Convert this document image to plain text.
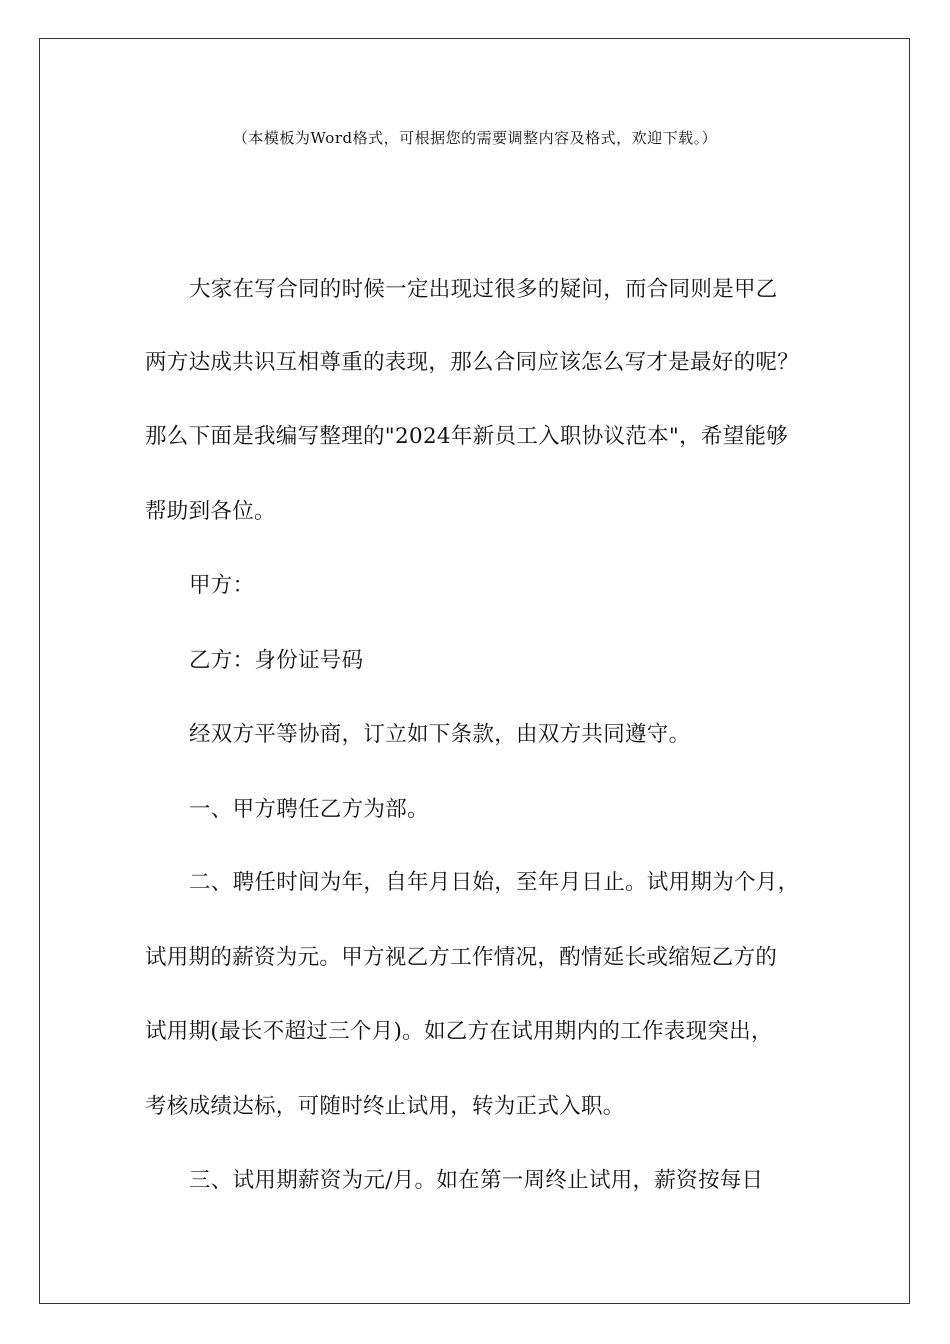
（本模板为Word格式，可根据您的需要调整内容及格式，欢迎下载。）
大家在写合同的时候一定出现过很多的疑问，而合同则是甲乙
两方达成共识互相尊重的表现，那么合同应该怎么写才是最好的呢？
那么下面是我编写整理的"2024年新员工入职协议范本"，希望能够
帮助到各位。
甲方：
乙方：身份证号码
经双方平等协商，订立如下条款，由双方共同遵守。
一、甲方聘任乙方为部。
二、聘任时间为年，自年月日始，至年月日止。试用期为个月，
试用期的薪资为元。甲方视乙方工作情况，酌情延长或缩短乙方的
试用期(最长不超过三个月)。如乙方在试用期内的工作表现突出，
考核成绩达标，可随时终止试用，转为正式入职。
三、试用期薪资为元/月。如在第一周终止试用，薪资按每日
